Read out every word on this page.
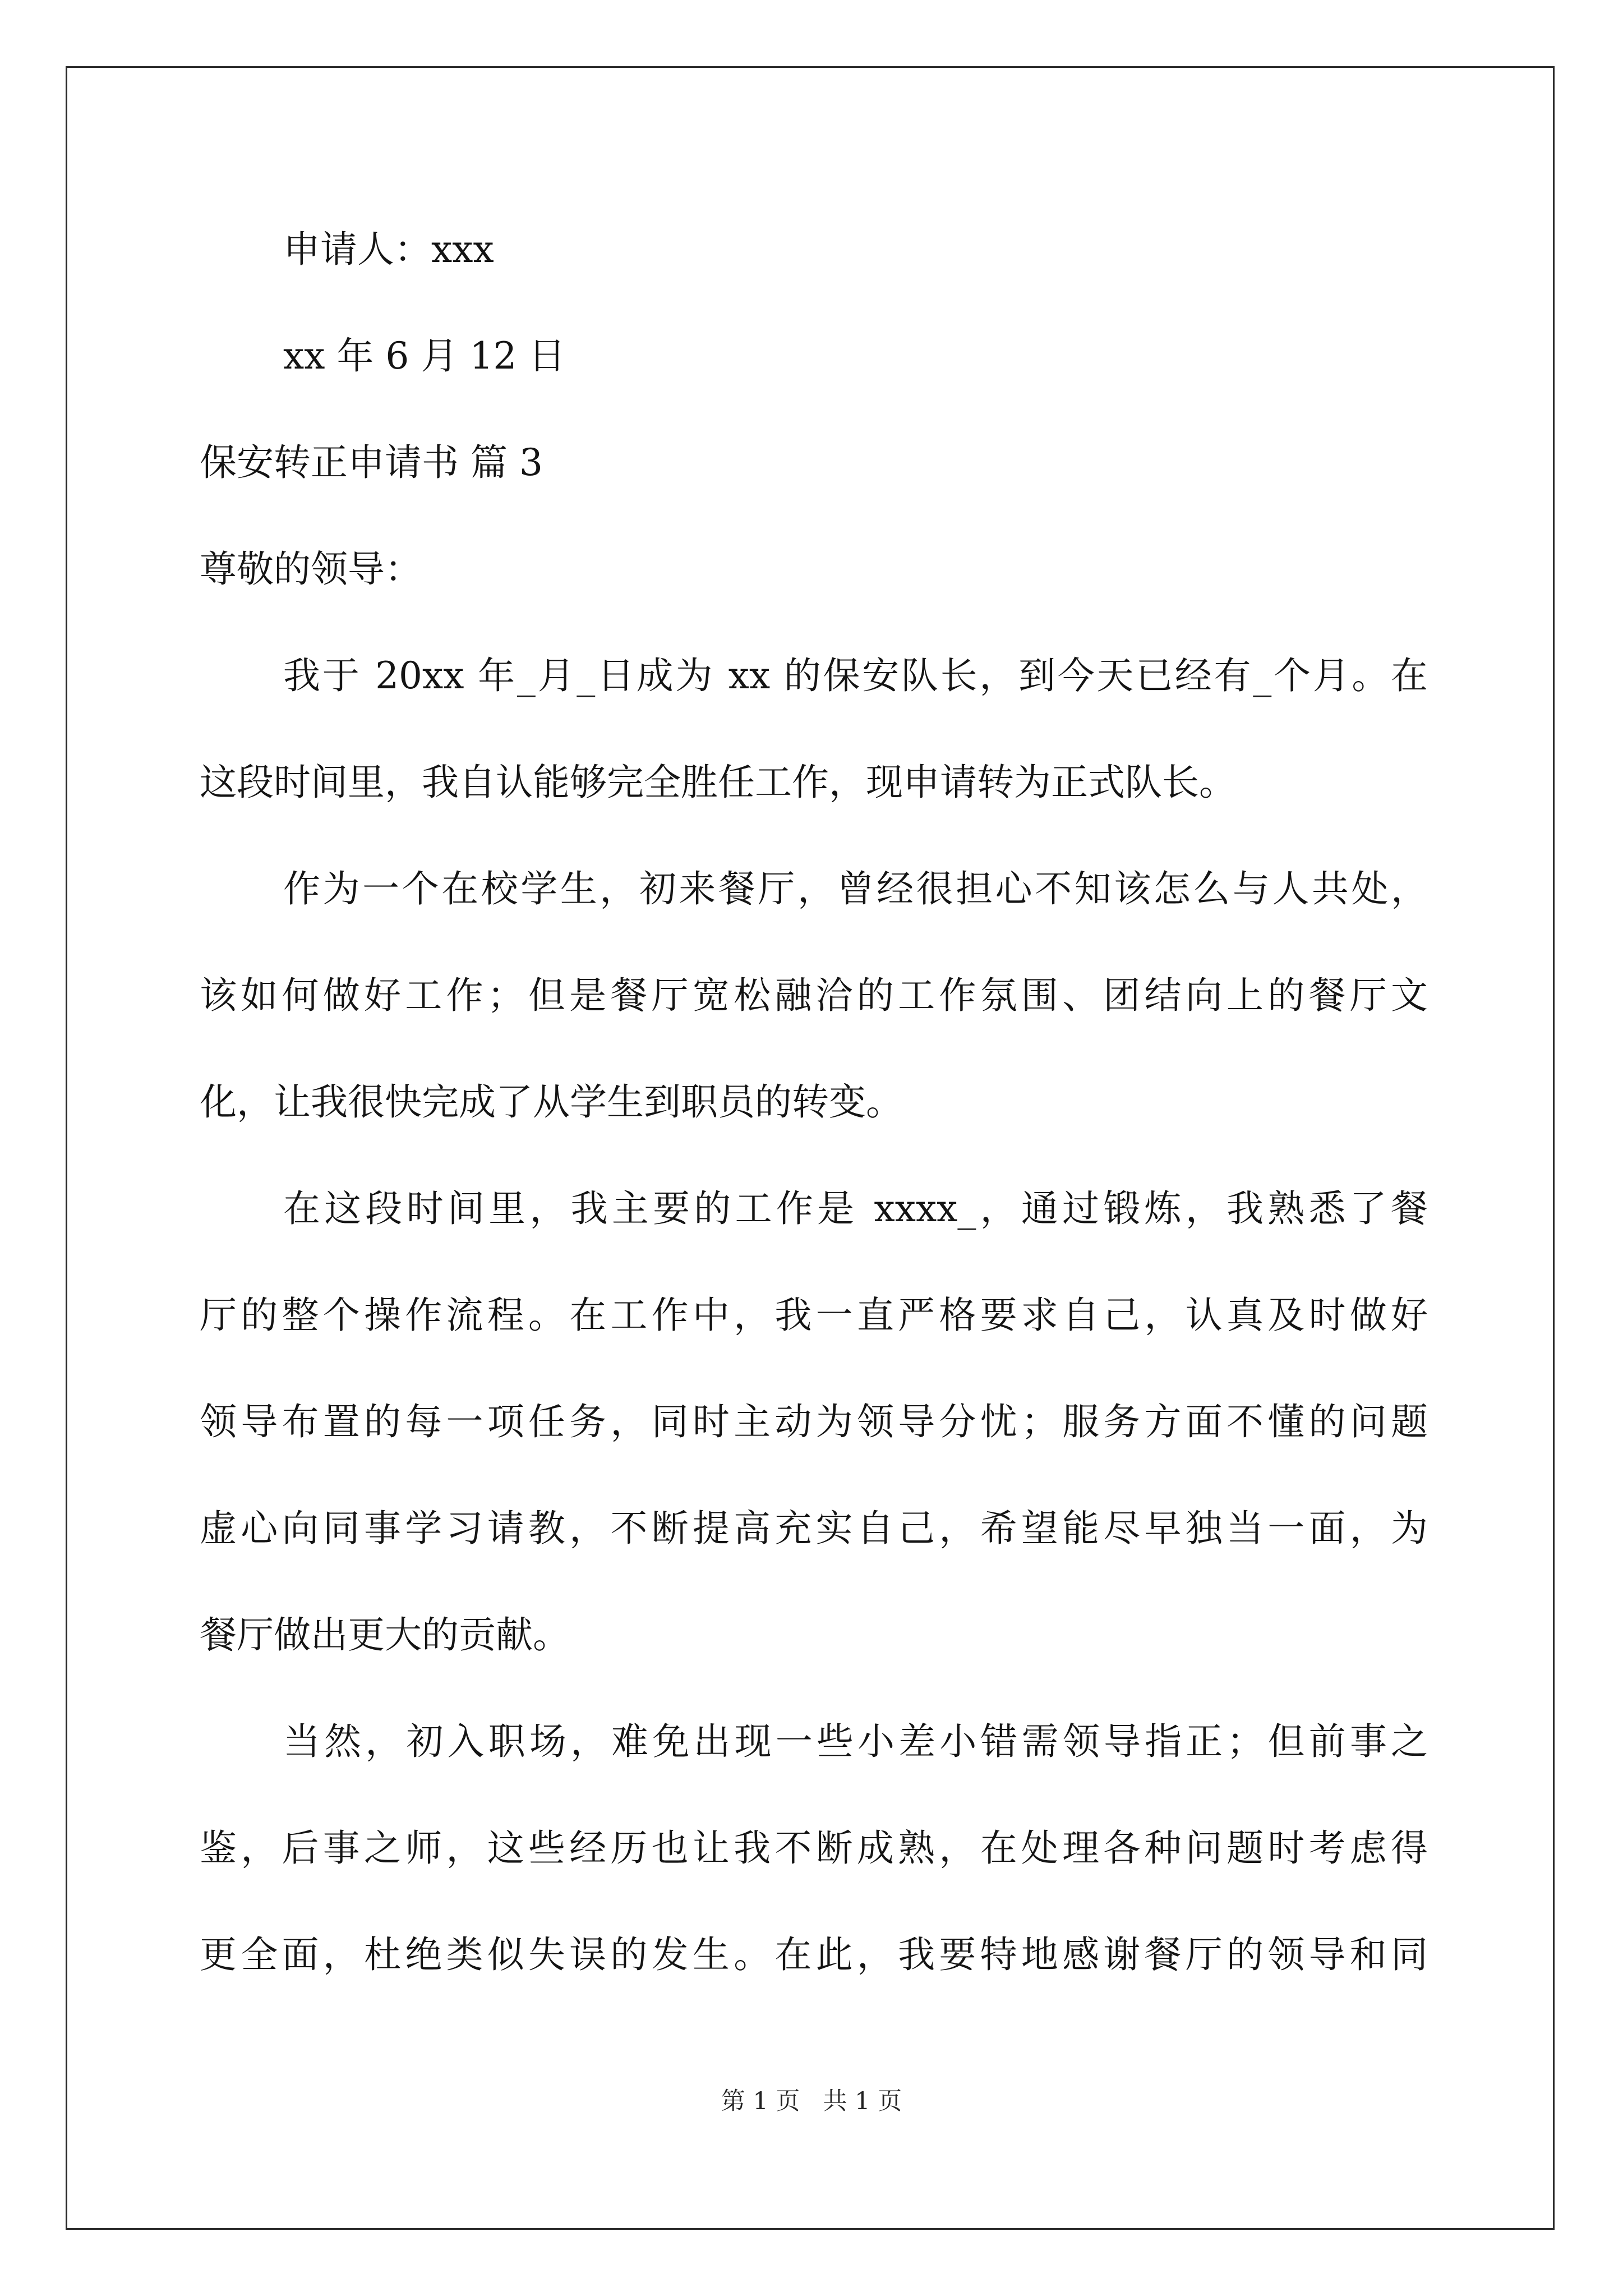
申请人：xxx

xx 年 6 月 12 日

保安转正申请书 篇 3

尊敬的领导：

我于 20xx 年_月_日成为 xx 的保安队长，到今天已经有_个月。在

这段时间里，我自认能够完全胜任工作，现申请转为正式队长。

作为一个在校学生，初来餐厅，曾经很担心不知该怎么与人共处，

该如何做好工作；但是餐厅宽松融洽的工作氛围、团结向上的餐厅文

化，让我很快完成了从学生到职员的转变。

在这段时间里，我主要的工作是 xxxx_，通过锻炼，我熟悉了餐

厅的整个操作流程。在工作中，我一直严格要求自己，认真及时做好

领导布置的每一项任务，同时主动为领导分忧；服务方面不懂的问题

虚心向同事学习请教，不断提高充实自己，希望能尽早独当一面，为

餐厅做出更大的贡献。

当然，初入职场，难免出现一些小差小错需领导指正；但前事之

鉴，后事之师，这些经历也让我不断成熟，在处理各种问题时考虑得

更全面，杜绝类似失误的发生。在此，我要特地感谢餐厅的领导和同

第 1 页   共 1 页
